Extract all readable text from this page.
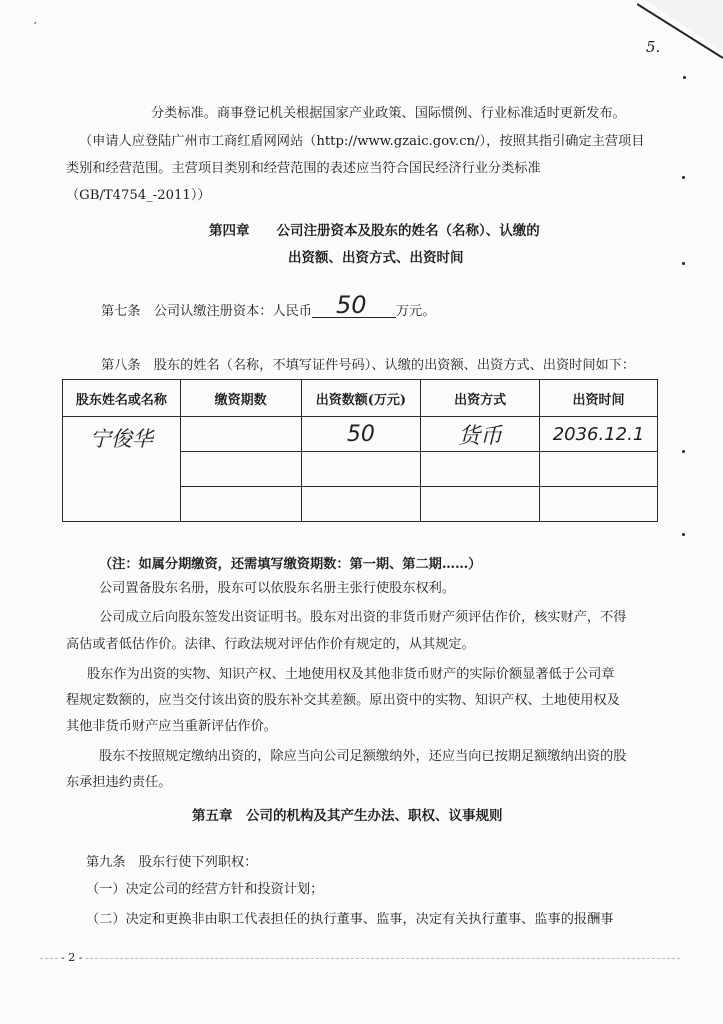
5.
′
分类标准。商事登记机关根据国家产业政策、国际惯例、行业标准适时更新发布。
（申请人应登陆广州市工商红盾网网站（http://www.gzaic.gov.cn/），按照其指引确定主营项目
类别和经营范围。主营项目类别和经营范围的表述应当符合国民经济行业分类标准
（GB/T4754_-2011））
第四章　　公司注册资本及股东的姓名（名称）、认缴的
出资额、出资方式、出资时间
第七条　公司认缴注册资本：人民币	万元。
50
第八条　股东的姓名（名称，不填写证件号码）、认缴的出资额、出资方式、出资时间如下：
股东姓名或名称	缴资期数	出资数额(万元)	出资方式	出资时间
宁俊华		50	货币	2036.12.1

（注：如属分期缴资，还需填写缴资期数：第一期、第二期……）
公司置备股东名册，股东可以依股东名册主张行使股东权利。
公司成立后向股东签发出资证明书。股东对出资的非货币财产须评估作价，核实财产，不得
高估或者低估作价。法律、行政法规对评估作价有规定的，从其规定。
股东作为出资的实物、知识产权、土地使用权及其他非货币财产的实际价额显著低于公司章
程规定数额的，应当交付该出资的股东补交其差额。原出资中的实物、知识产权、土地使用权及
其他非货币财产应当重新评估作价。
股东不按照规定缴纳出资的，除应当向公司足额缴纳外，还应当向已按期足额缴纳出资的股
东承担违约责任。
第五章　公司的机构及其产生办法、职权、议事规则
第九条　股东行使下列职权：
（一）决定公司的经营方针和投资计划；
（二）决定和更换非由职工代表担任的执行董事、监事，决定有关执行董事、监事的报酬事
- 2 -
